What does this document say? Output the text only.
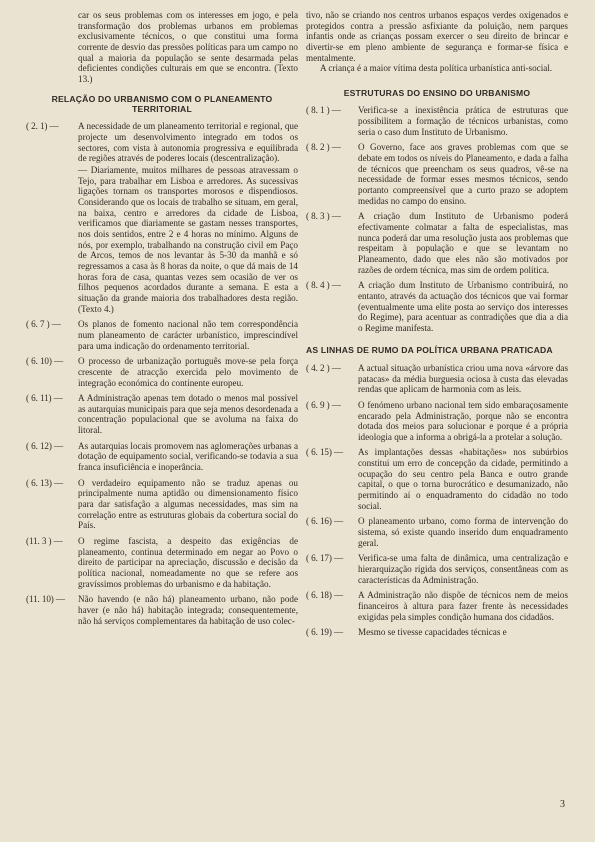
car os seus problemas com os interesses em jogo, e pela transformação dos problemas urbanos em problemas exclusivamente técnicos, o que constitui uma forma corrente de desvio das pressões políticas para um campo no qual a maioria da população se sente desarmada pelas deficientes condições culturais em que se encontra. (Texto 13.)

RELAÇÃO DO URBANISMO COM O PLANEAMENTO TERRITORIAL
( 2. 1) —	A necessidade de um planeamento territorial e regional, que projecte um desenvolvimento integrado em todos os sectores, com vista à autonomia progressiva e equilibrada de regiões através de poderes locais (descentralização).

— Diariamente, muitos milhares de pessoas atravessam o Tejo, para trabalhar em Lisboa e arredores. As sucessivas ligações tornam os transportes morosos e dispendiosos. Considerando que os locais de trabalho se situam, em geral, na baixa, centro e arredores da cidade de Lisboa, verificamos que diariamente se gastam nesses transportes, nos dois sentidos, entre 2 e 4 horas no mínimo. Alguns de nós, por exemplo, trabalhando na construção civil em Paço de Arcos, temos de nos levantar às 5-30 da manhã e só regressamos a casa às 8 horas da noite, o que dá mais de 14 horas fora de casa, quantas vezes sem ocasião de ver os filhos pequenos acordados durante a semana. E esta a situação da grande maioria dos trabalhadores desta região. (Texto 4.)

( 6. 7 ) —	Os planos de fomento nacional não tem correspondência num planeamento de carácter urbanístico, imprescindível para uma indicação do ordenamento territorial.

( 6. 10) —	O processo de urbanização português move-se pela força crescente de atracção exercida pelo movimento de integração económica do continente europeu.

( 6. 11) —	A Administração apenas tem dotado o menos mal possível as autarquias municipais para que seja menos desordenada a concentração populacional que se avoluma na faixa do litoral.

( 6. 12) —	As autarquias locais promovem nas aglomerações urbanas a dotação de equipamento social, verificando-se todavia a sua franca insuficiência e inoperância.

( 6. 13) —	O verdadeiro equipamento não se traduz apenas ou principalmente numa aptidão ou dimensionamento físico para dar satisfação a algumas necessidades, mas sim na correlação entre as estruturas globais da cobertura social do País.

(11. 3 ) —	O regime fascista, a despeito das exigências de planeamento, continua determinado em negar ao Povo o direito de participar na apreciação, discussão e decisão da política nacional, nomeadamente no que se refere aos gravíssimos problemas do urbanismo e da habitação.

(11. 10) —	Não havendo (e não há) planeamento urbano, não pode haver (e não há) habitação integrada; consequentemente, não há serviços complementares da habitação de uso colec-

tivo, não se criando nos centros urbanos espaços verdes oxigenados e protegidos contra a pressão asfixiante da poluição, nem parques infantis onde as crianças possam exercer o seu direito de brincar e divertir-se em pleno ambiente de segurança e formar-se física e mentalmente.

A criança é a maior vítima desta política urbanística anti-social.

ESTRUTURAS DO ENSINO DO URBANISMO
( 8. 1 ) —	Verifica-se a inexistência prática de estruturas que possibilitem a formação de técnicos urbanistas, como seria o caso dum Instituto de Urbanismo.

( 8. 2 ) —	O Governo, face aos graves problemas com que se debate em todos os níveis do Planeamento, e dada a falha de técnicos que preencham os seus quadros, vê-se na necessidade de formar esses mesmos técnicos, sendo portanto compreensível que a curto prazo se adoptem medidas no campo do ensino.

( 8. 3 ) —	A criação dum Instituto de Urbanismo poderá efectivamente colmatar a falta de especialistas, mas nunca poderá dar uma resolução justa aos problemas que respeitam à população e que se levantam no Planeamento, dado que eles não são motivados por razões de ordem técnica, mas sim de ordem política.

( 8. 4 ) —	A criação dum Instituto de Urbanismo contribuirá, no entanto, através da actuação dos técnicos que vai formar (eventualmente uma elite posta ao serviço dos interesses do Regime), para acentuar as contradições que dia a dia o Regime manifesta.

AS LINHAS DE RUMO DA POLÍTICA URBANA PRATICADA
( 4. 2 ) —	A actual situação urbanística criou uma nova «árvore das patacas» da média burguesia ociosa à custa das elevadas rendas que aplicam de harmonia com as leis.

( 6. 9 ) —	O fenómeno urbano nacional tem sido embaraçosamente encarado pela Administração, porque não se encontra dotada dos meios para solucionar e porque é a própria ideologia que a informa a obrigá-la a protelar a solução.

( 6. 15) —	As implantações dessas «habitações» nos subúrbios constitui um erro de concepção da cidade, permitindo a ocupação do seu centro pela Banca e outro grande capital, o que o torna burocrático e desumanizado, não permitindo aí o enquadramento do cidadão no todo social.

( 6. 16) —	O planeamento urbano, como forma de intervenção do sistema, só existe quando inserido dum enquadramento geral.

( 6. 17) —	Verifica-se uma falta de dinâmica, uma centralização e hierarquização rígida dos serviços, consentâneas com as características da Administração.

( 6. 18) —	A Administração não dispõe de técnicos nem de meios financeiros à altura para fazer frente às necessidades exigidas pela simples condição humana dos cidadãos.

( 6. 19) —	Mesmo se tivesse capacidades técnicas e

3
